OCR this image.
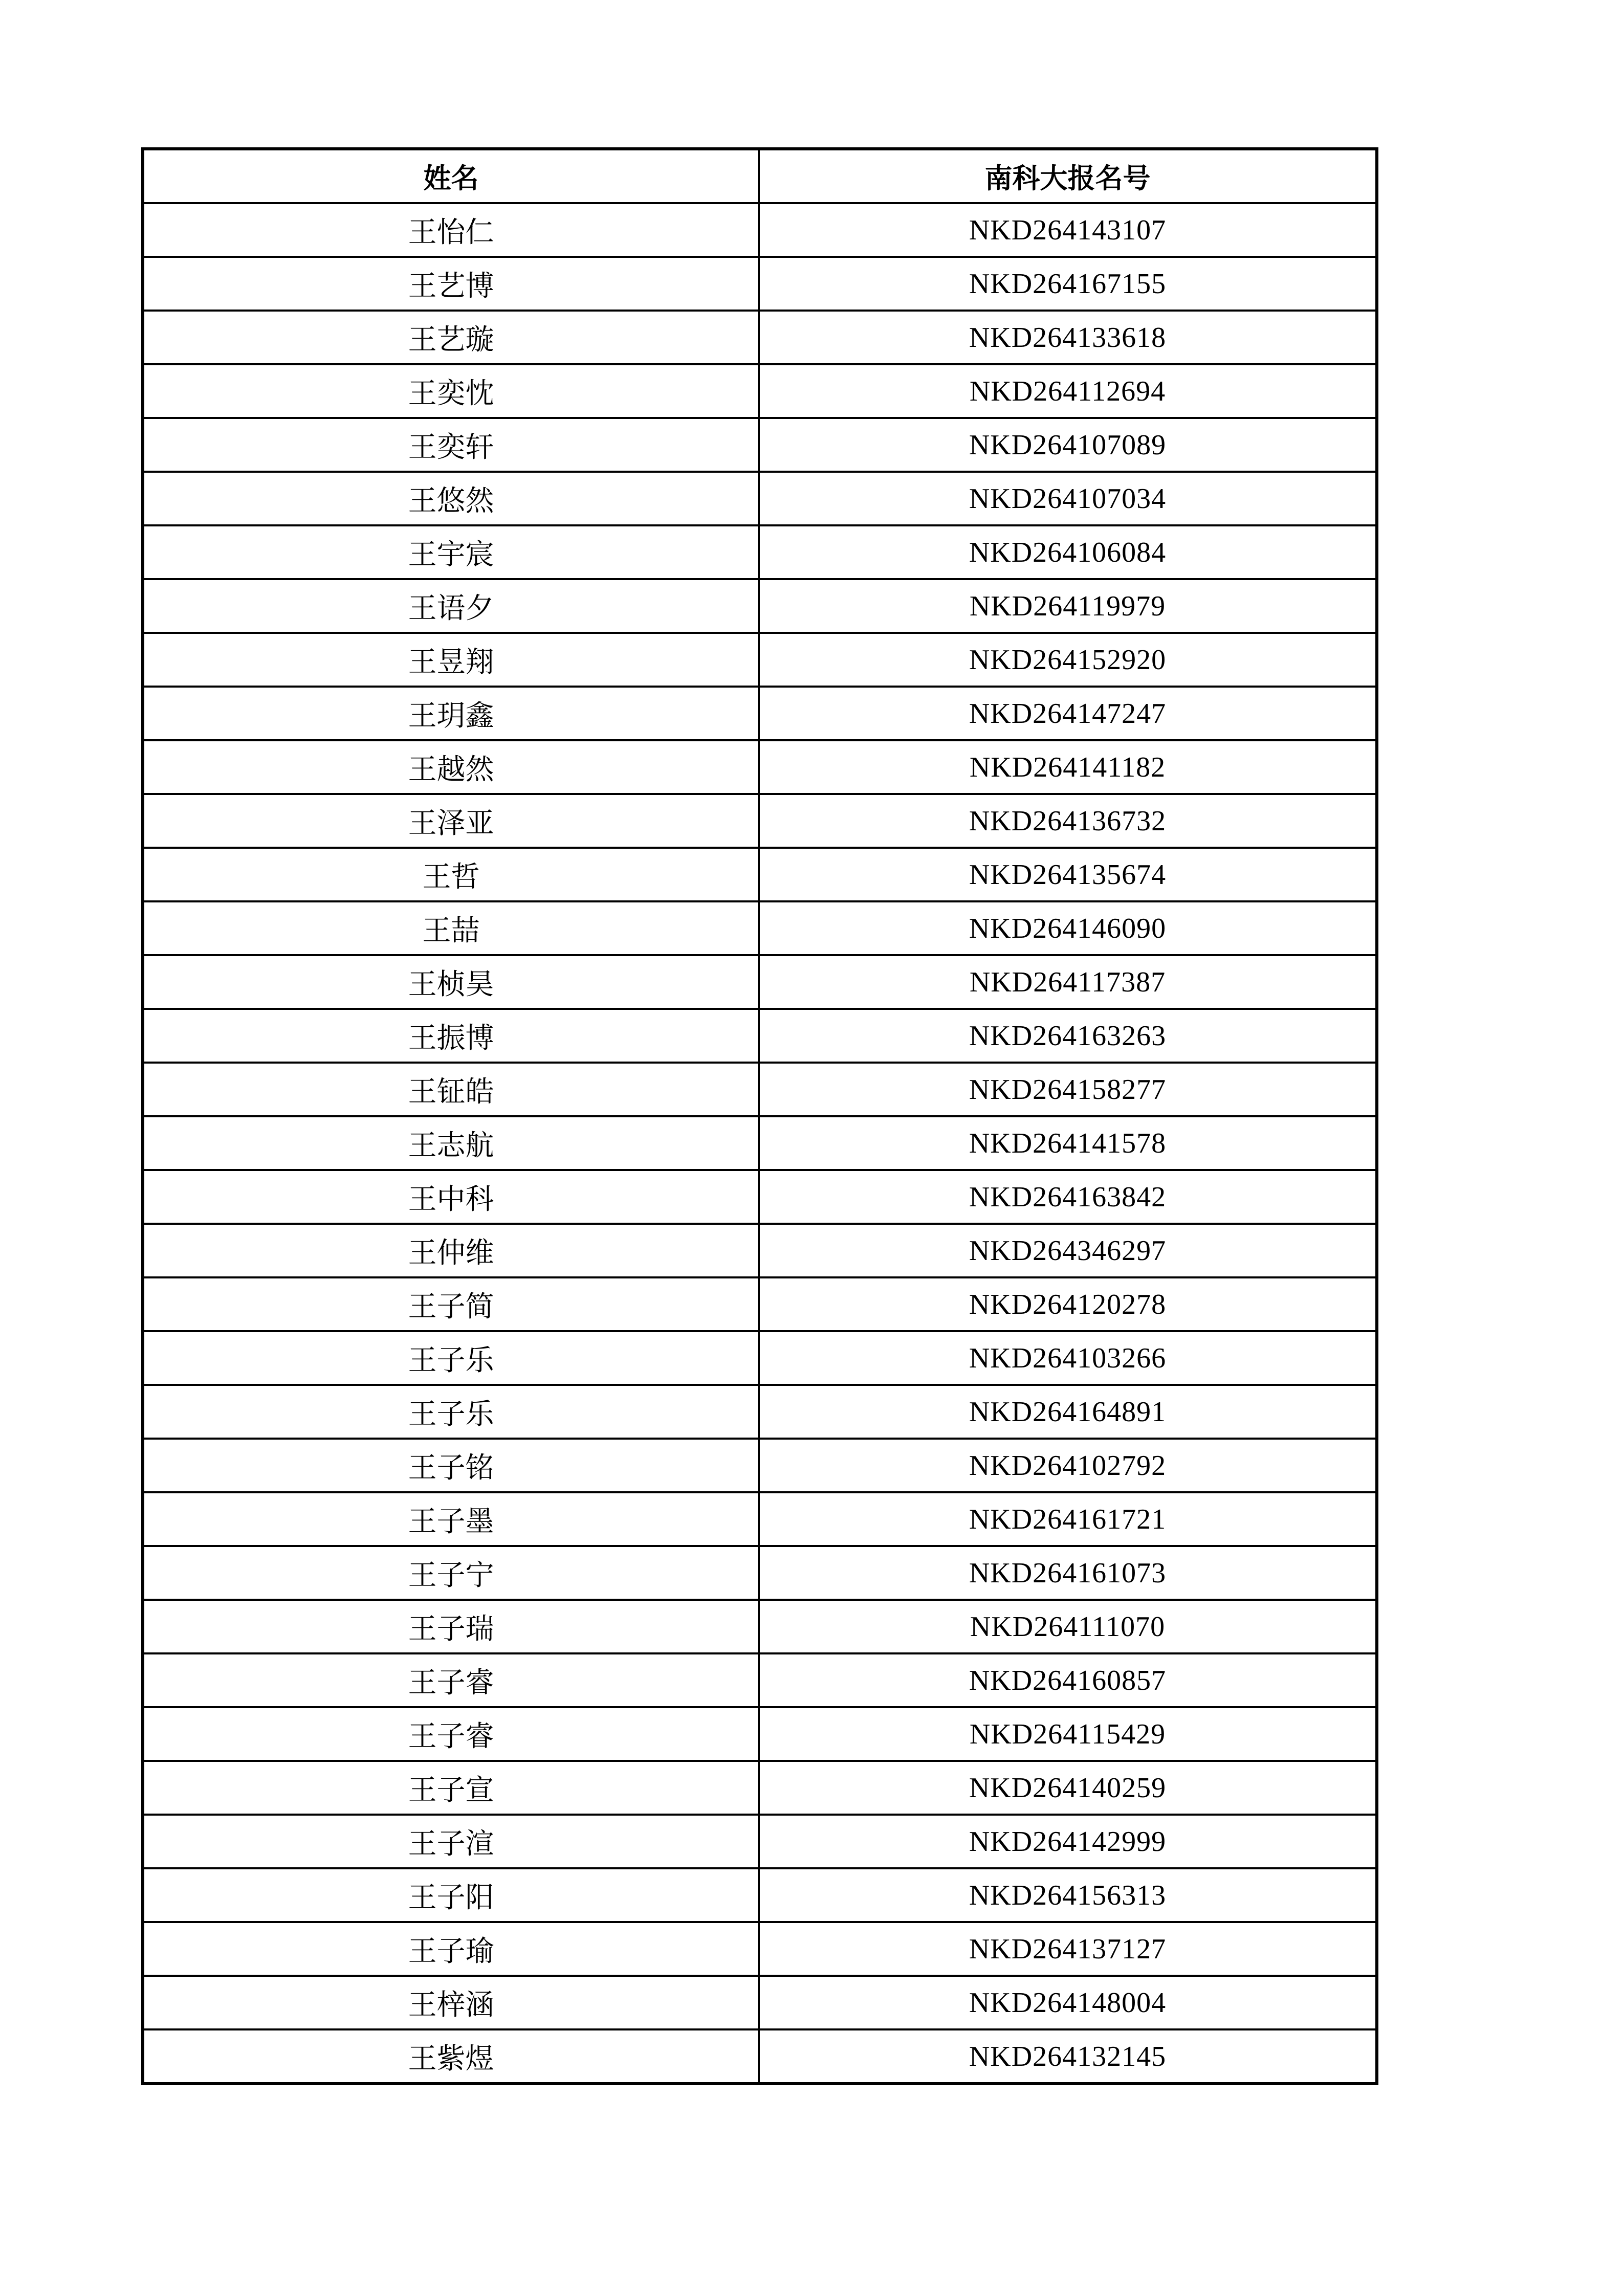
姓名	南科大报名号
王怡仁	NKD264143107
王艺博	NKD264167155
王艺璇	NKD264133618
王奕忱	NKD264112694
王奕轩	NKD264107089
王悠然	NKD264107034
王宇宸	NKD264106084
王语夕	NKD264119979
王昱翔	NKD264152920
王玥鑫	NKD264147247
王越然	NKD264141182
王泽亚	NKD264136732
王哲	NKD264135674
王喆	NKD264146090
王桢昊	NKD264117387
王振博	NKD264163263
王钲皓	NKD264158277
王志航	NKD264141578
王中科	NKD264163842
王仲维	NKD264346297
王子简	NKD264120278
王子乐	NKD264103266
王子乐	NKD264164891
王子铭	NKD264102792
王子墨	NKD264161721
王子宁	NKD264161073
王子瑞	NKD264111070
王子睿	NKD264160857
王子睿	NKD264115429
王子宣	NKD264140259
王子渲	NKD264142999
王子阳	NKD264156313
王子瑜	NKD264137127
王梓涵	NKD264148004
王紫煜	NKD264132145
